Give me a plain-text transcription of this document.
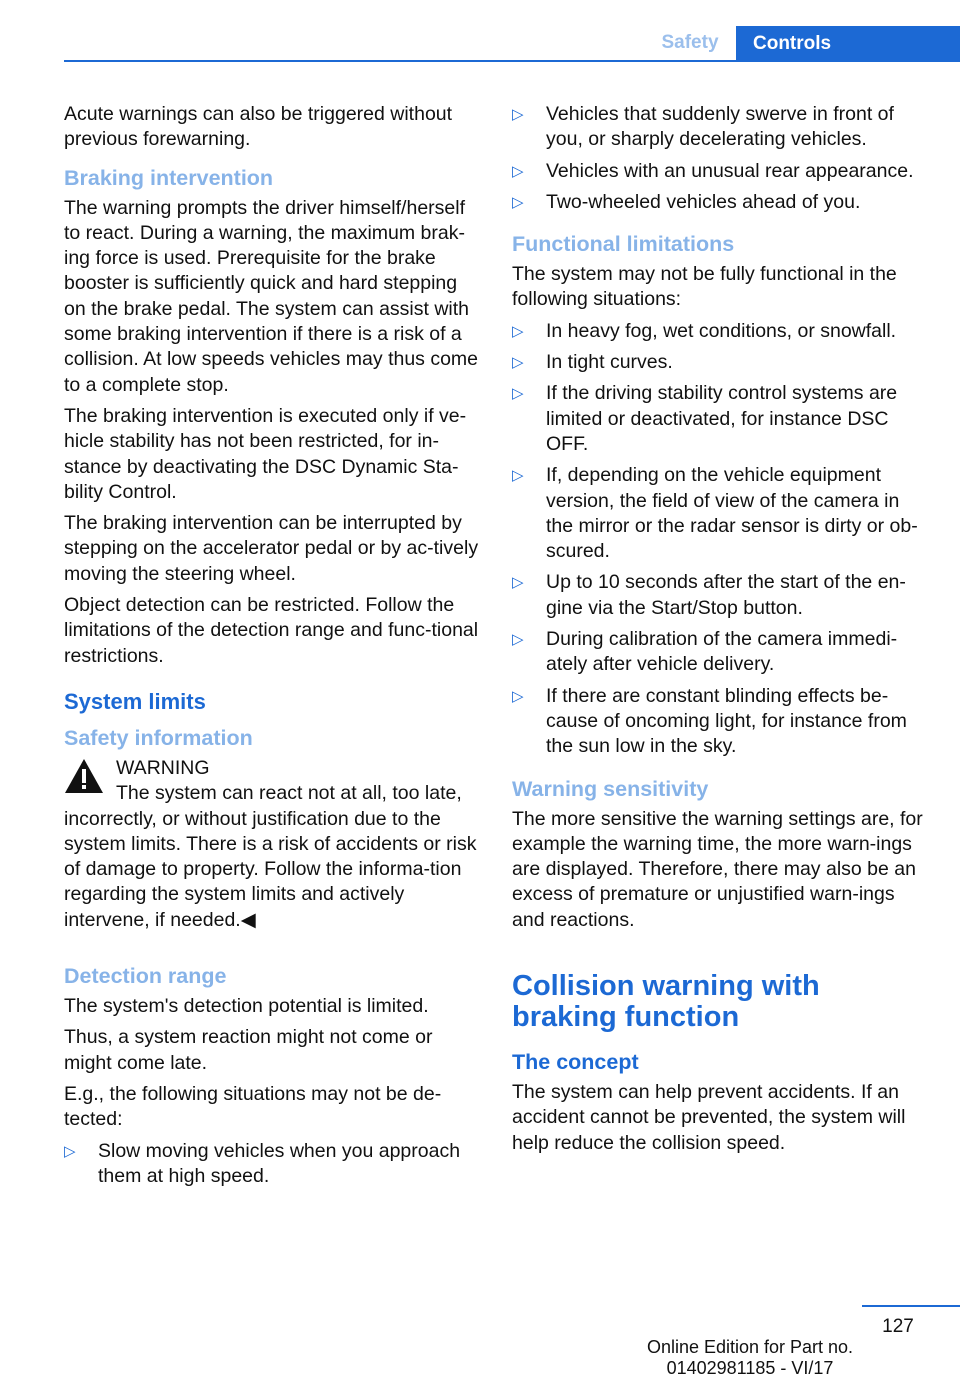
Safety	Controls

Acute warnings can also be triggered without previous forewarning.

Braking intervention

The warning prompts the driver himself/herself to react. During a warning, the maximum brak‐ing force is used. Prerequisite for the brake booster is sufficiently quick and hard stepping on the brake pedal. The system can assist with some braking intervention if there is a risk of a collision. At low speeds vehicles may thus come to a complete stop.

The braking intervention is executed only if ve‐hicle stability has not been restricted, for in‐stance by deactivating the DSC Dynamic Sta‐bility Control.

The braking intervention can be interrupted by stepping on the accelerator pedal or by ac‐tively moving the steering wheel.

Object detection can be restricted. Follow the limitations of the detection range and func‐tional restrictions.

System limits
Safety information

WARNING

The system can react not at all, too late, incorrectly, or without justification due to the system limits. There is a risk of accidents or risk of damage to property. Follow the informa‐tion regarding the system limits and actively intervene, if needed.◀

Detection range

The system's detection potential is limited.

Thus, a system reaction might not come or might come late.

E.g., the following situations may not be de‐tected:

▷ Slow moving vehicles when you approach them at high speed.
▷ Vehicles that suddenly swerve in front of you, or sharply decelerating vehicles.
▷ Vehicles with an unusual rear appearance.
▷ Two-wheeled vehicles ahead of you.
Functional limitations

The system may not be fully functional in the following situations:

▷ In heavy fog, wet conditions, or snowfall.
▷ In tight curves.
▷ If the driving stability control systems are limited or deactivated, for instance DSC OFF.
▷ If, depending on the vehicle equipment version, the field of view of the camera in the mirror or the radar sensor is dirty or ob‐scured.
▷ Up to 10 seconds after the start of the en‐gine via the Start/Stop button.
▷ During calibration of the camera immedi‐ately after vehicle delivery.
▷ If there are constant blinding effects be‐cause of oncoming light, for instance from the sun low in the sky.
Warning sensitivity

The more sensitive the warning settings are, for example the warning time, the more warn‐ings are displayed. Therefore, there may also be an excess of premature or unjustified warn‐ings and reactions.

Collision warning with braking function
The concept

The system can help prevent accidents. If an accident cannot be prevented, the system will help reduce the collision speed.

127
Online Edition for Part no. 01402981185 - VI/17
